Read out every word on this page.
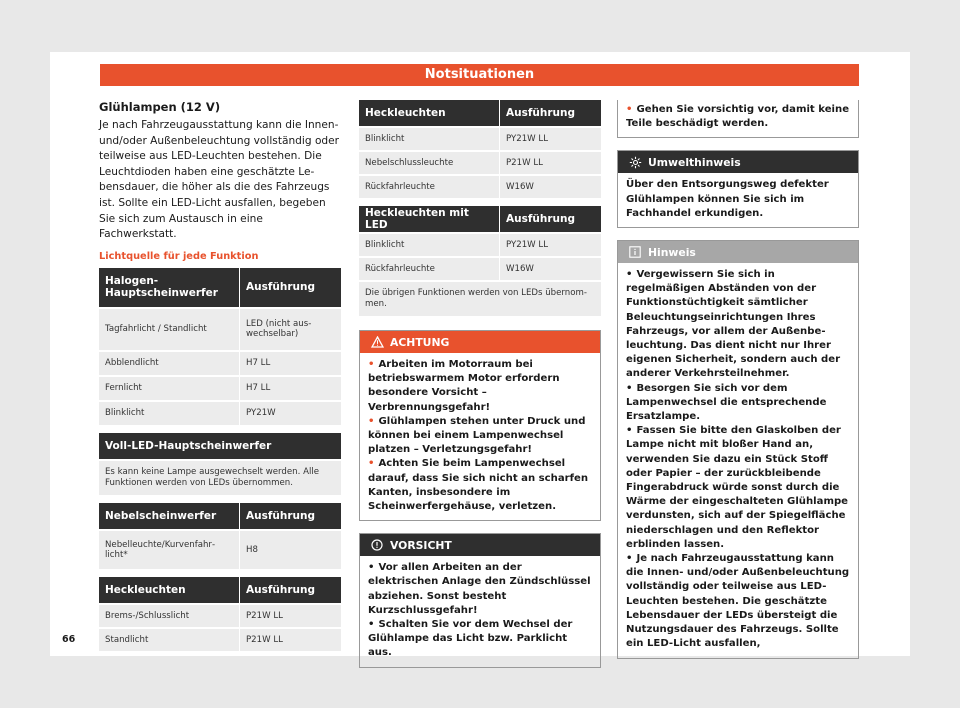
Notsituationen
Glühlampen (12 V)

Je nach Fahrzeugausstattung kann die Innen- und/oder Außenbeleuchtung vollständig oder teilweise aus LED-Leuchten bestehen. Die Leuchtdioden haben eine geschätzte Lebensdauer, die höher als die des Fahrzeugs ist. Sollte ein LED-Licht ausfallen, begeben Sie sich zum Austausch in eine Fachwerkstatt.

Lichtquelle für jede Funktion
Halogen-Hauptscheinwerfer	Ausführung
Tagfahrlicht / Standlicht	LED (nicht auswechselbar)
Abblendlicht	H7 LL
Fernlicht	H7 LL
Blinklicht	PY21W
Voll-LED-Hauptscheinwerfer
Es kann keine Lampe ausgewechselt werden. Alle Funktionen werden von LEDs übernommen.
Nebelscheinwerfer	Ausführung
Nebelleuchte/Kurvenfahrlicht*	H8
Heckleuchten	Ausführung
Brems-/Schlusslicht	P21W LL
Standlicht	P21W LL
Heckleuchten	Ausführung
Blinklicht	PY21W LL
Nebelschlussleuchte	P21W LL
Rückfahrleuchte	W16W
Heckleuchten mit LED	Ausführung
Blinklicht	PY21W LL
Rückfahrleuchte	W16W
Die übrigen Funktionen werden von LEDs übernommen.
ACHTUNG

• Arbeiten im Motorraum bei betriebswarmem Motor erfordern besondere Vorsicht – Verbrennungsgefahr!

• Glühlampen stehen unter Druck und können bei einem Lampenwechsel platzen – Verletzungsgefahr!

• Achten Sie beim Lampenwechsel darauf, dass Sie sich nicht an scharfen Kanten, insbesondere im Scheinwerfergehäuse, verletzen.

VORSICHT

• Vor allen Arbeiten an der elektrischen Anlage den Zündschlüssel abziehen. Sonst besteht Kurzschlussgefahr!

• Schalten Sie vor dem Wechsel der Glühlampe das Licht bzw. Parklicht aus.

• Gehen Sie vorsichtig vor, damit keine Teile beschädigt werden.

Umwelthinweis
Über den Entsorgungsweg defekter Glühlampen können Sie sich im Fachhandel erkundigen.
Hinweis

• Vergewissern Sie sich in regelmäßigen Abständen von der Funktionstüchtigkeit sämtlicher Beleuchtungseinrichtungen Ihres Fahrzeugs, vor allem der Außenbeleuchtung. Das dient nicht nur Ihrer eigenen Sicherheit, sondern auch der anderer Verkehrsteilnehmer.

• Besorgen Sie sich vor dem Lampenwechsel die entsprechende Ersatzlampe.

• Fassen Sie bitte den Glaskolben der Lampe nicht mit bloßer Hand an, verwenden Sie dazu ein Stück Stoff oder Papier – der zurückbleibende Fingerabdruck würde sonst durch die Wärme der eingeschalteten Glühlampe verdunsten, sich auf der Spiegelfläche niederschlagen und den Reflektor erblinden lassen.

• Je nach Fahrzeugausstattung kann die Innen- und/oder Außenbeleuchtung vollständig oder teilweise aus LED-Leuchten bestehen. Die geschätzte Lebensdauer der LEDs übersteigt die Nutzungsdauer des Fahrzeugs. Sollte ein LED-Licht ausfallen,

66
